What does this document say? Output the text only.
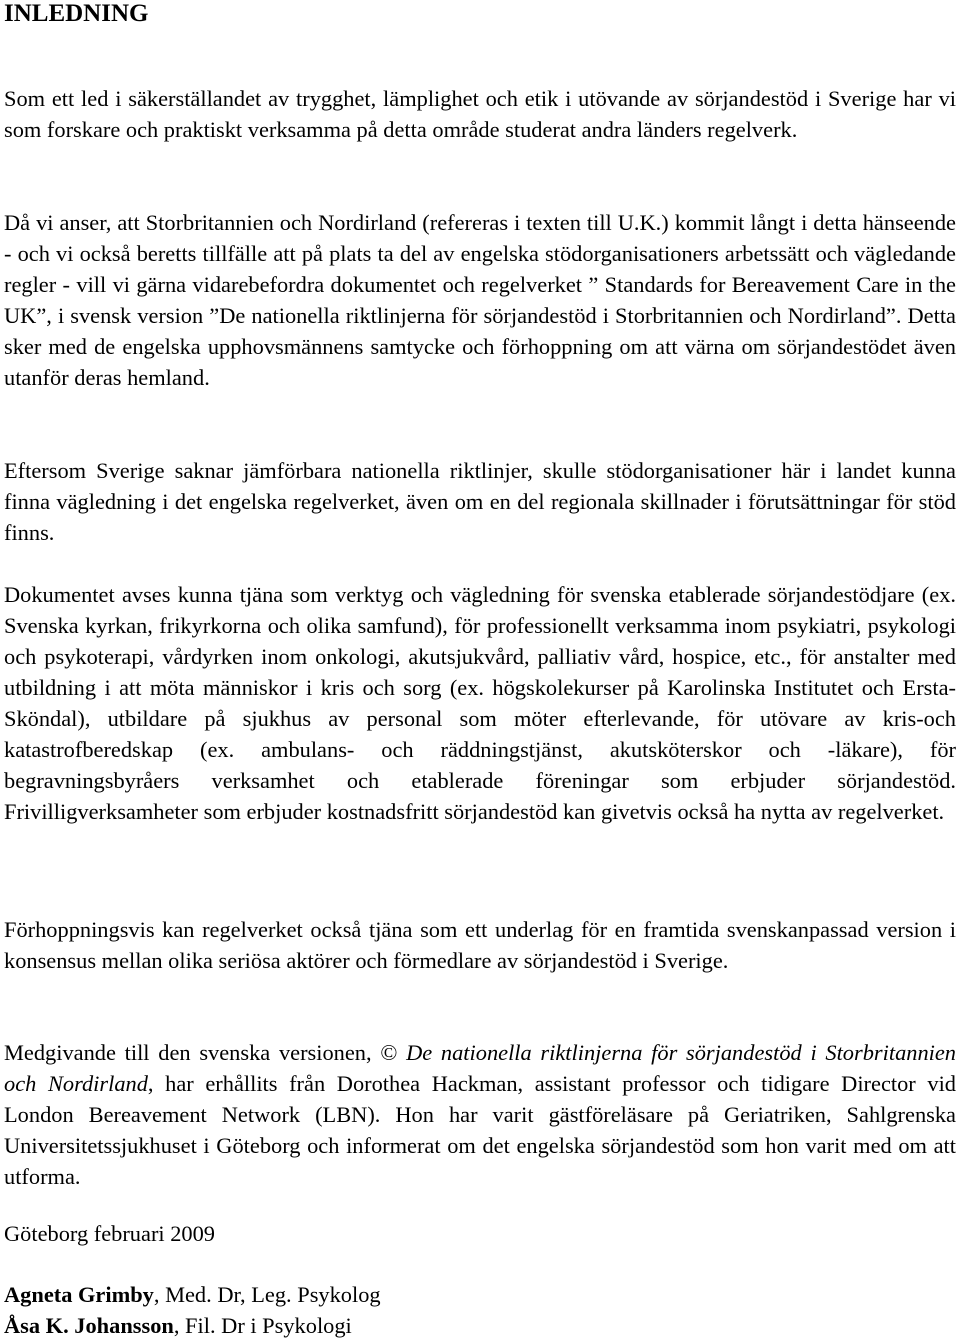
INLEDNING

Som ett led i säkerställandet av trygghet, lämplighet och etik i utövande av sörjandestöd i Sverige har vi som forskare och praktiskt verksamma på detta område studerat andra länders regelverk.

Då vi anser, att Storbritannien och Nordirland (refereras i texten till U.K.) kommit långt i detta hänseende - och vi också beretts tillfälle att på plats ta del av engelska stödorganisationers arbetssätt och vägledande regler - vill vi gärna vidarebefordra dokumentet och regelverket ” Standards for Bereavement Care in the UK”, i svensk version ”De nationella riktlinjerna för sörjandestöd i Storbritannien och Nordirland”. Detta sker med de engelska upphovsmännens samtycke och förhoppning om att värna om sörjandestödet även utanför deras hemland.

Eftersom Sverige saknar jämförbara nationella riktlinjer, skulle stödorganisationer här i landet kunna finna vägledning i det engelska regelverket, även om en del regionala skillnader i förutsättningar för stöd finns.

Dokumentet avses kunna tjäna som verktyg och vägledning för svenska etablerade sörjandestödjare (ex. Svenska kyrkan, frikyrkorna och olika samfund), för professionellt verksamma inom psykiatri, psykologi och psykoterapi, vårdyrken inom onkologi, akutsjukvård, palliativ vård, hospice, etc., för anstalter med utbildning i att möta människor i kris och sorg (ex. högskolekurser på Karolinska Institutet och Ersta-Sköndal), utbildare på sjukhus av personal som möter efterlevande, för utövare av kris-och katastrofberedskap (ex. ambulans- och räddningstjänst, akutsköterskor och -läkare), för begravningsbyråers verksamhet och etablerade föreningar som erbjuder sörjandestöd. Frivilligverksamheter som erbjuder kostnadsfritt sörjandestöd kan givetvis också ha nytta av regelverket.

Förhoppningsvis kan regelverket också tjäna som ett underlag för en framtida svenskanpassad version i konsensus mellan olika seriösa aktörer och förmedlare av sörjandestöd i Sverige.

Medgivande till den svenska versionen, © De nationella riktlinjerna för sörjandestöd i Storbritannien och Nordirland, har erhållits från Dorothea Hackman, assistant professor och tidigare Director vid London Bereavement Network (LBN). Hon har varit gästföreläsare på Geriatriken, Sahlgrenska Universitetssjukhuset i Göteborg och informerat om det engelska sörjandestöd som hon varit med om att utforma.

Göteborg februari 2009
Agneta Grimby, Med. Dr, Leg. Psykolog
Åsa K. Johansson, Fil. Dr i Psykologi
